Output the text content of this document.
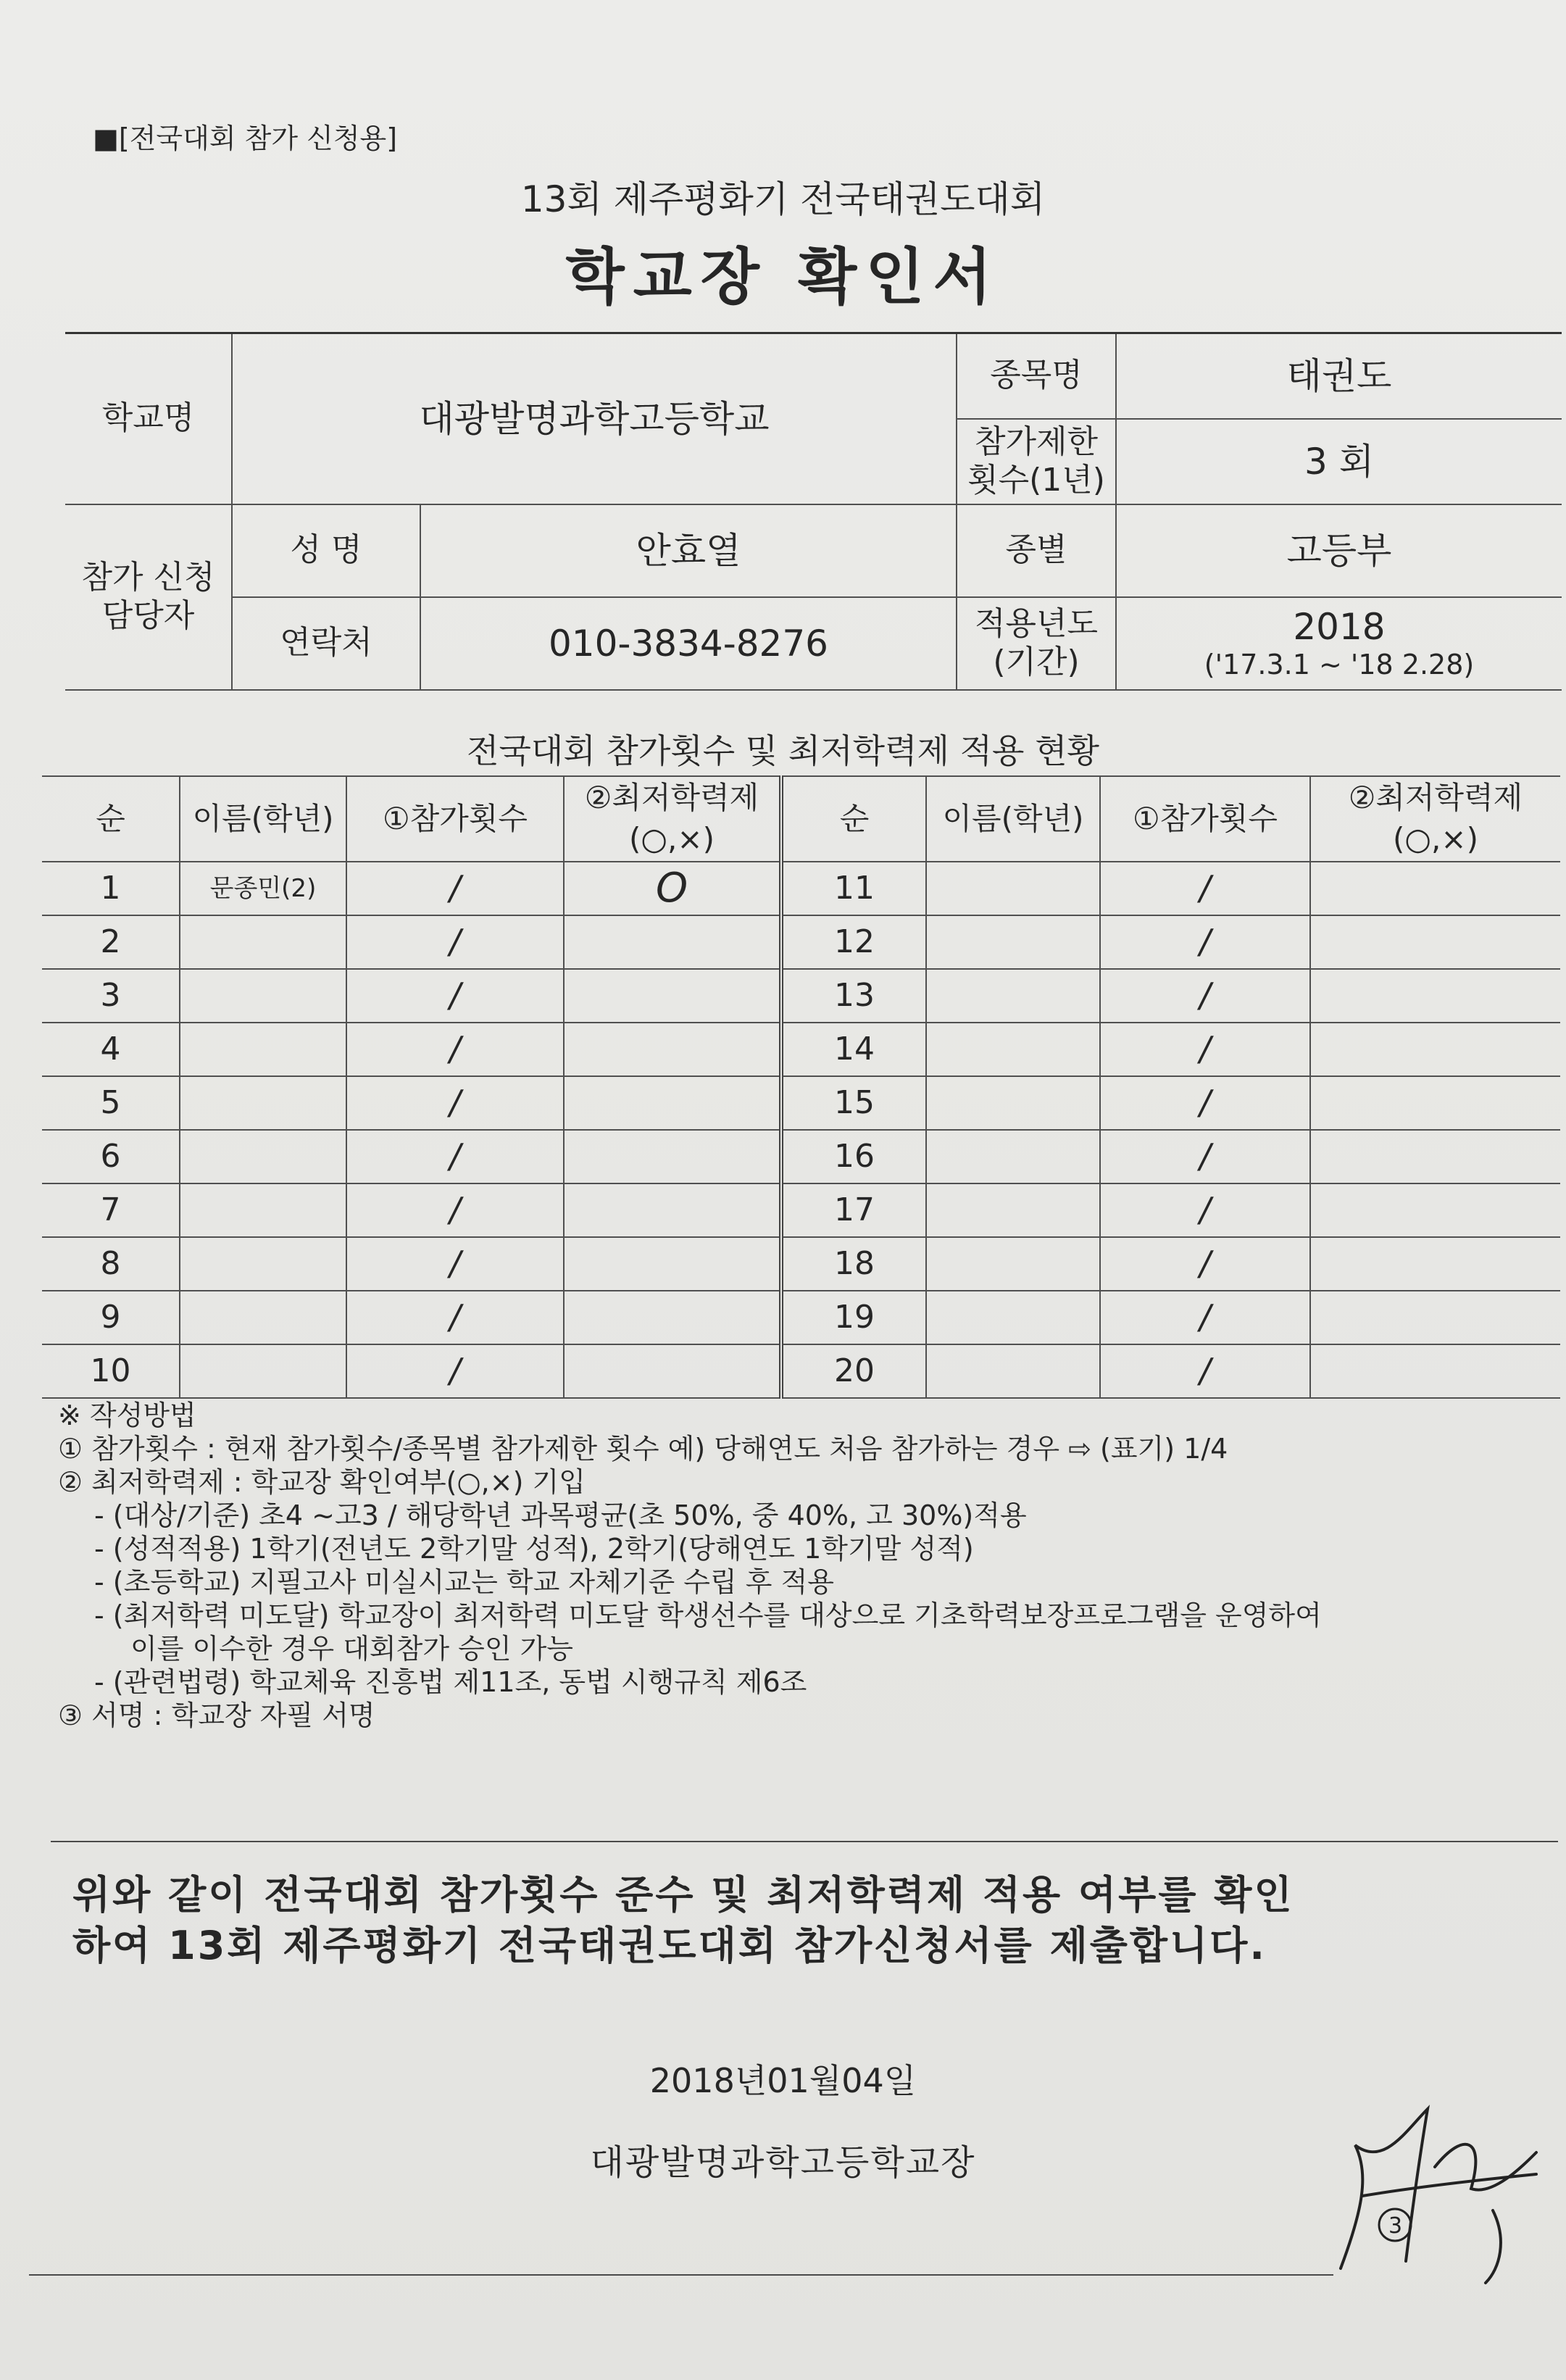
■[전국대회 참가 신청용]
13회 제주평화기 전국태권도대회
학교장 확인서
학교명	대광발명과학고등학교		종목명	태권도
			참가제한 횟수(1년)	3 회
참가 신청 담당자	성 명	안효열	종별	고등부
	연락처	010-3834-8276	적용년도 (기간)	2018
('17.3.1 ~ '18 2.28)
전국대회 참가횟수 및 최저학력제 적용 현황
순	이름(학년)	①참가횟수	②최저학력제 (○,×)	순	이름(학년)	①참가횟수	②최저학력제 (○,×)
1	문종민(2)	/	O	11		/	
2		/		12		/	
3		/		13		/	
4		/		14		/	
5		/		15		/	
6		/		16		/	
7		/		17		/	
8		/		18		/	
9		/		19		/	
10		/		20		/	
※ 작성방법
① 참가횟수 : 현재 참가횟수/종목별 참가제한 횟수 예) 당해연도 처음 참가하는 경우 ⇨ (표기) 1/4
② 최저학력제 : 학교장 확인여부(○,×) 기입
- (대상/기준) 초4 ~고3 / 해당학년 과목평균(초 50%, 중 40%, 고 30%)적용
- (성적적용) 1학기(전년도 2학기말 성적), 2학기(당해연도 1학기말 성적)
- (초등학교) 지필고사 미실시교는 학교 자체기준 수립 후 적용
- (최저학력 미도달) 학교장이 최저학력 미도달 학생선수를 대상으로 기초학력보장프로그램을 운영하여
이를 이수한 경우 대회참가 승인 가능
- (관련법령) 학교체육 진흥법 제11조, 동법 시행규칙 제6조
③ 서명 : 학교장 자필 서명
위와 같이 전국대회 참가횟수 준수 및 최저학력제 적용 여부를 확인
하여 13회 제주평화기 전국태권도대회 참가신청서를 제출합니다.
2018년01월04일
대광발명과학고등학교장
3
